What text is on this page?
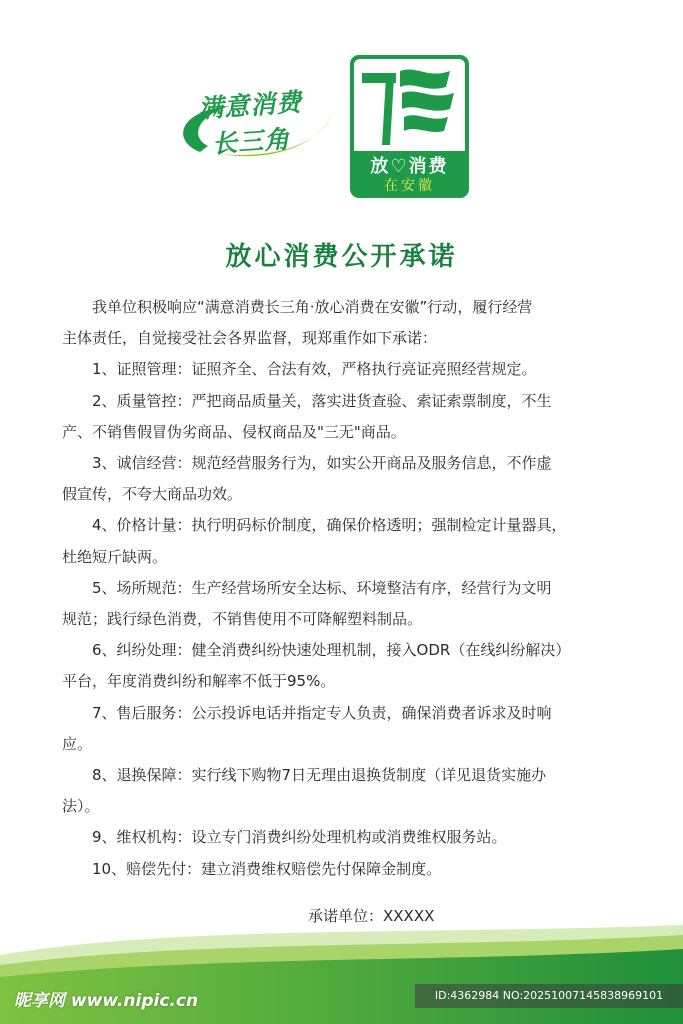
满意消费
长三角
放♡消费
在安徽
放心消费公开承诺

我单位积极响应“满意消费长三角·放心消费在安徽”行动，履行经营

主体责任，自觉接受社会各界监督，现郑重作如下承诺：

1、证照管理：证照齐全、合法有效，严格执行亮证亮照经营规定。

2、质量管控：严把商品质量关，落实进货查验、索证索票制度，不生

产、不销售假冒伪劣商品、侵权商品及"三无"商品。

3、诚信经营：规范经营服务行为，如实公开商品及服务信息，不作虚

假宣传，不夸大商品功效。

4、价格计量：执行明码标价制度，确保价格透明；强制检定计量器具，

杜绝短斤缺两。

5、场所规范：生产经营场所安全达标、环境整洁有序，经营行为文明

规范；践行绿色消费，不销售使用不可降解塑料制品。

6、纠纷处理：健全消费纠纷快速处理机制，接入ODR（在线纠纷解决）

平台，年度消费纠纷和解率不低于95%。

7、售后服务：公示投诉电话并指定专人负责，确保消费者诉求及时响

应。

8、退换保障：实行线下购物7日无理由退换货制度（详见退货实施办

法）。

9、维权机构：设立专门消费纠纷处理机构或消费维权服务站。

10、赔偿先付：建立消费维权赔偿先付保障金制度。

承诺单位：XXXXX
昵享网 www.nipic.cn	ID:4362984 NO:20251007145838969101
